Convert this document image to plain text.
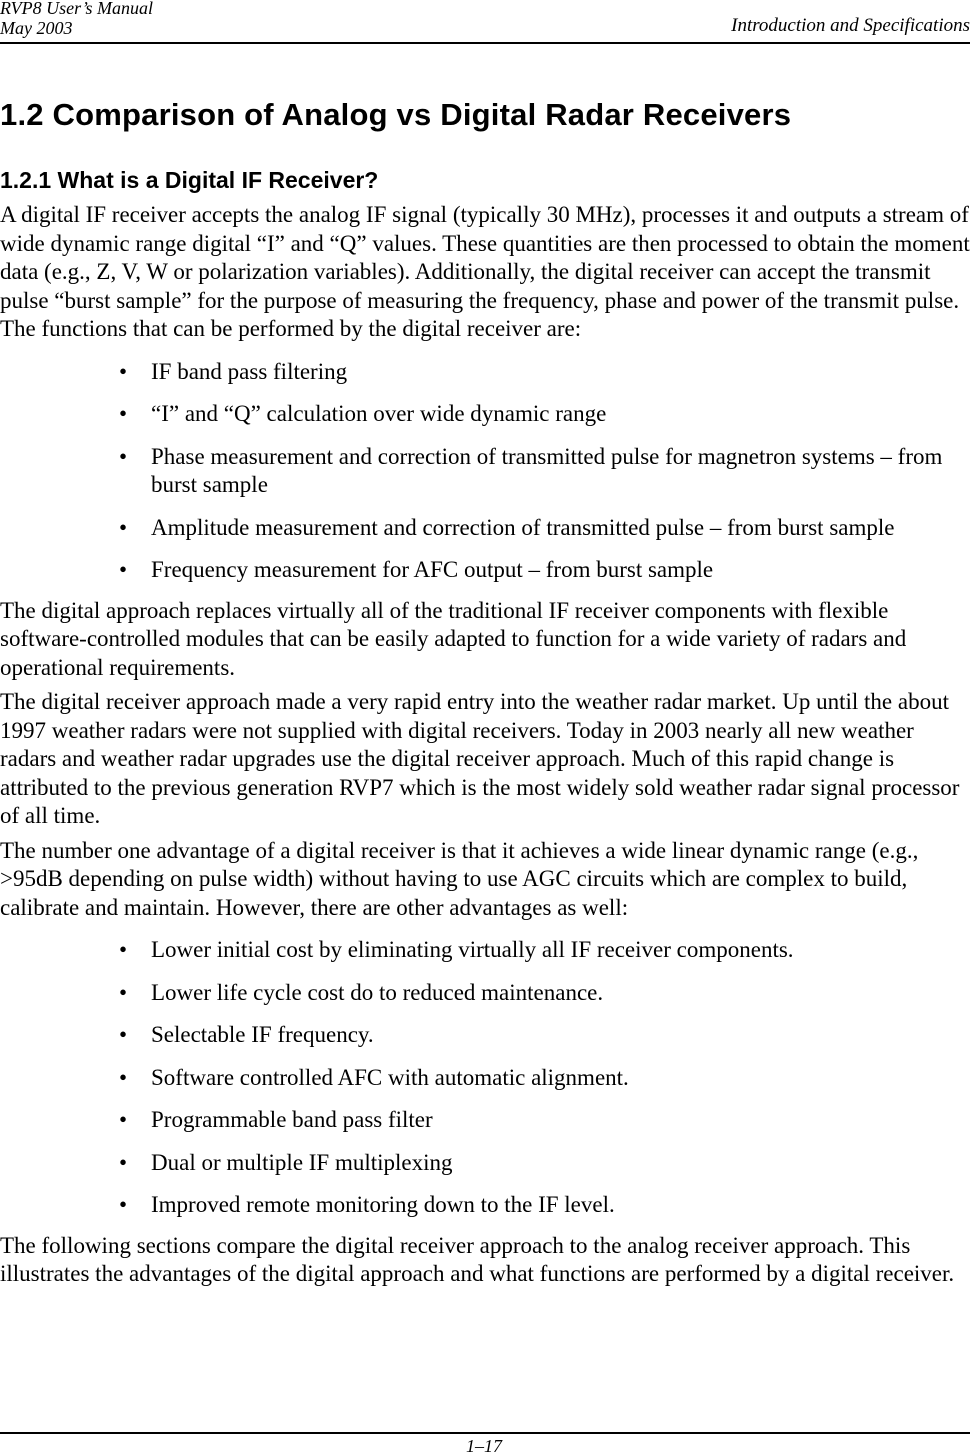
RVP8 User’s Manual
May 2003	Introduction and Specifications
1.2 Comparison of Analog vs Digital Radar Receivers
1.2.1 What is a Digital IF Receiver?

A digital IF receiver accepts the analog IF signal (typically 30 MHz), processes it and outputs a stream of wide dynamic range digital “I” and “Q” values. These quantities are then processed to obtain the moment data (e.g., Z, V, W or polarization variables). Additionally, the digital receiver can accept the transmit pulse “burst sample” for the purpose of measuring the frequency, phase and power of the transmit pulse. The functions that can be performed by the digital receiver are:

• IF band pass filtering
• “I” and “Q” calculation over wide dynamic range
• Phase measurement and correction of transmitted pulse for magnetron systems – from burst sample
• Amplitude measurement and correction of transmitted pulse – from burst sample
• Frequency measurement for AFC output – from burst sample

The digital approach replaces virtually all of the traditional IF receiver components with flexible software-controlled modules that can be easily adapted to function for a wide variety of radars and operational requirements.

The digital receiver approach made a very rapid entry into the weather radar market. Up until the about 1997 weather radars were not supplied with digital receivers. Today in 2003 nearly all new weather radars and weather radar upgrades use the digital receiver approach. Much of this rapid change is attributed to the previous generation RVP7 which is the most widely sold weather radar signal processor of all time.

The number one advantage of a digital receiver is that it achieves a wide linear dynamic range (e.g., >95dB depending on pulse width) without having to use AGC circuits which are complex to build, calibrate and maintain. However, there are other advantages as well:

• Lower initial cost by eliminating virtually all IF receiver components.
• Lower life cycle cost do to reduced maintenance.
• Selectable IF frequency.
• Software controlled AFC with automatic alignment.
• Programmable band pass filter
• Dual or multiple IF multiplexing
• Improved remote monitoring down to the IF level.

The following sections compare the digital receiver approach to the analog receiver approach. This illustrates the advantages of the digital approach and what functions are performed by a digital receiver.

1–17
